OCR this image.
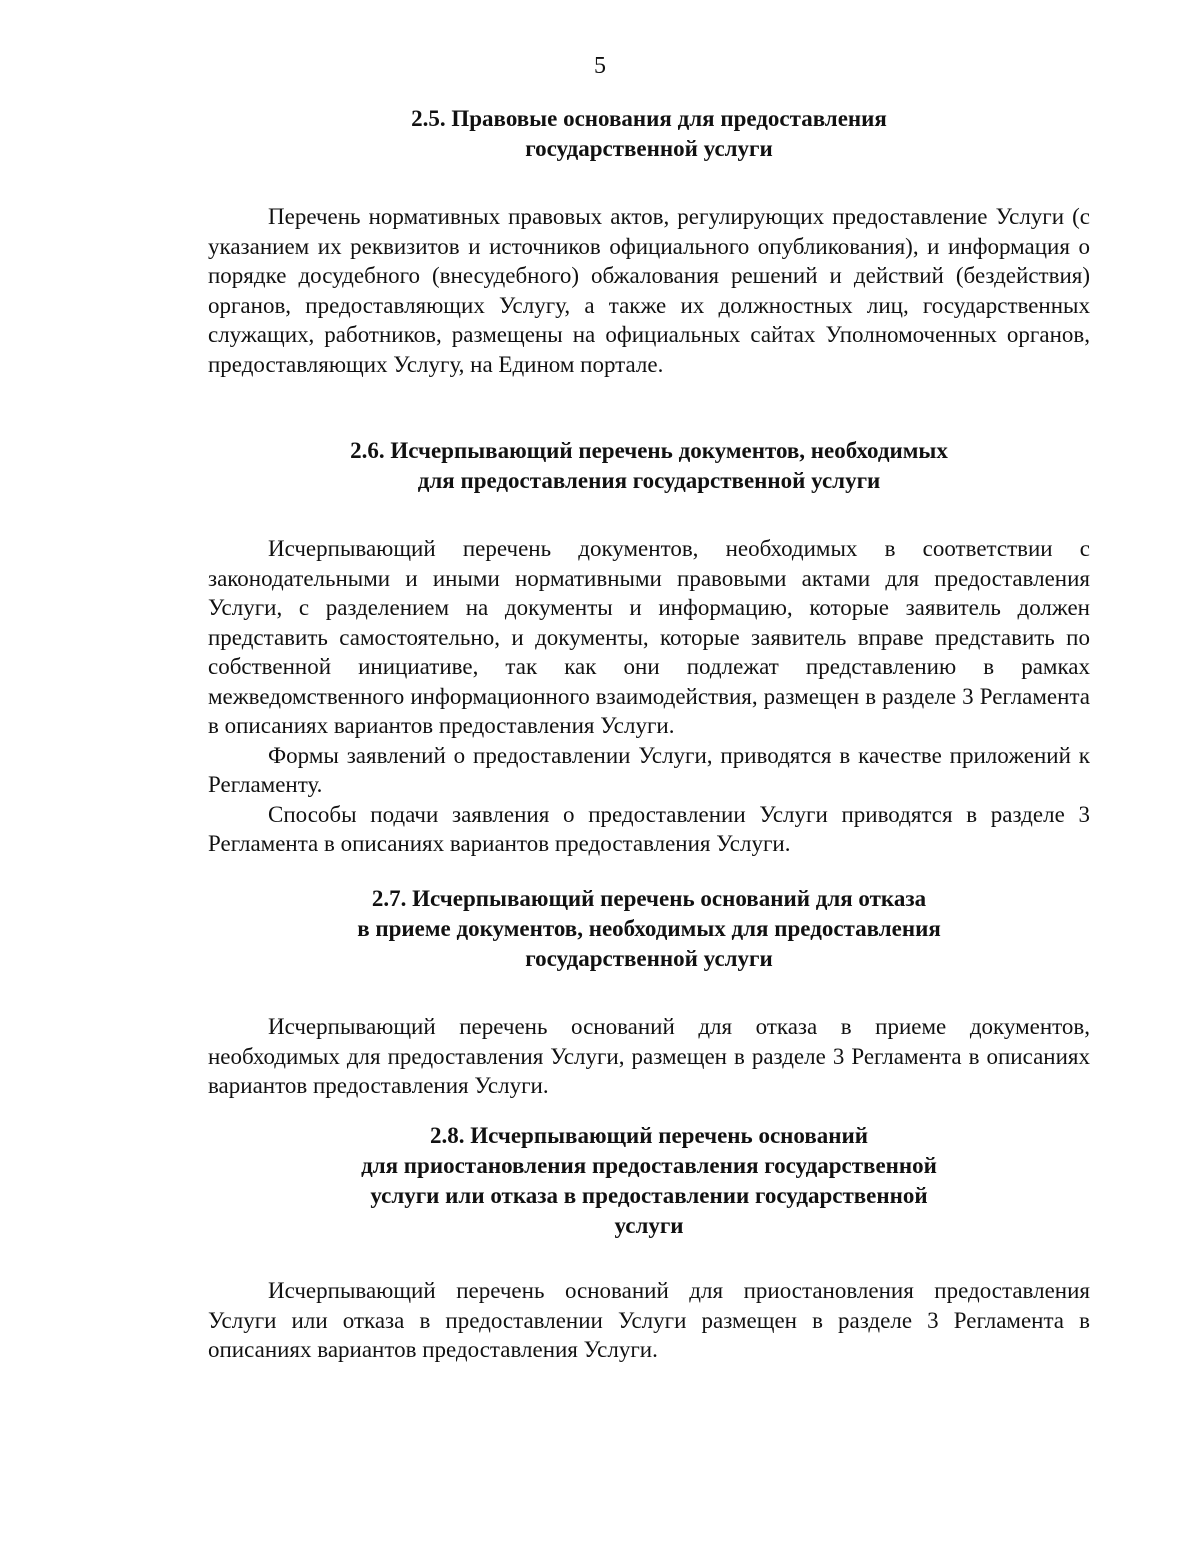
5
2.5. Правовые основания для предоставления
государственной услуги

Перечень нормативных правовых актов, регулирующих предоставление Услуги (с указанием их реквизитов и источников официального опубликования), и информация о порядке досудебного (внесудебного) обжалования решений и действий (бездействия) органов, предоставляющих Услугу, а также их должностных лиц, государственных служащих, работников, размещены на официальных сайтах Уполномоченных органов, предоставляющих Услугу, на Едином портале.

2.6. Исчерпывающий перечень документов, необходимых
для предоставления государственной услуги

Исчерпывающий перечень документов, необходимых в соответствии с законодательными и иными нормативными правовыми актами для предоставления Услуги, с разделением на документы и информацию, которые заявитель должен представить самостоятельно, и документы, которые заявитель вправе представить по собственной инициативе, так как они подлежат представлению в рамках межведомственного информационного взаимодействия, размещен в разделе 3 Регламента в описаниях вариантов предоставления Услуги.

Формы заявлений о предоставлении Услуги, приводятся в качестве приложений к Регламенту.

Способы подачи заявления о предоставлении Услуги приводятся в разделе 3 Регламента в описаниях вариантов предоставления Услуги.

2.7. Исчерпывающий перечень оснований для отказа
в приеме документов, необходимых для предоставления
государственной услуги

Исчерпывающий перечень оснований для отказа в приеме документов, необходимых для предоставления Услуги, размещен в разделе 3 Регламента в описаниях вариантов предоставления Услуги.

2.8. Исчерпывающий перечень оснований
для приостановления предоставления государственной
услуги или отказа в предоставлении государственной
услуги

Исчерпывающий перечень оснований для приостановления предоставления Услуги или отказа в предоставлении Услуги размещен в разделе 3 Регламента в описаниях вариантов предоставления Услуги.
